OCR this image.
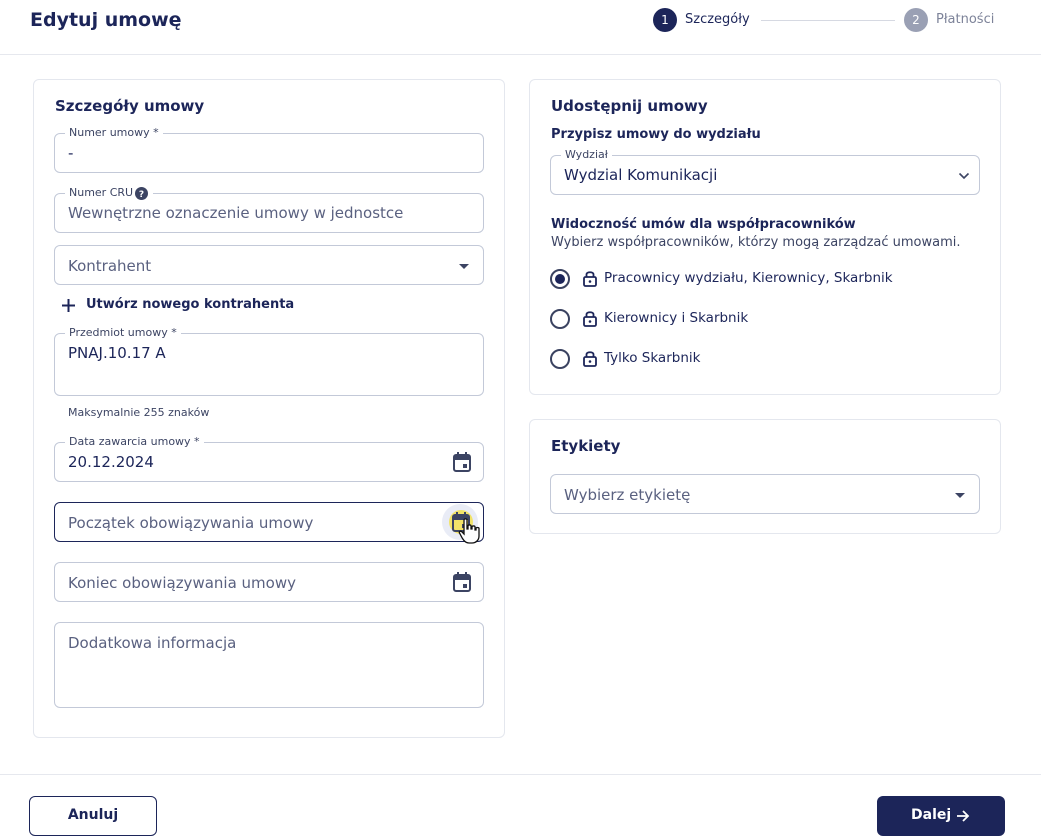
Edytuj umowę	1	Szczegóły	2	Płatności
Szczegóły umowy
Numer umowy *
-
Numer CRU ?
Wewnętrzne oznaczenie umowy w jednostce
Kontrahent
Utwórz nowego kontrahenta
Przedmiot umowy *
PNAJ.10.17 A
Maksymalnie 255 znaków
Data zawarcia umowy *
20.12.2024
Początek obowiązywania umowy
Koniec obowiązywania umowy
Dodatkowa informacja
Udostępnij umowy
Przypisz umowy do wydziału
Wydział
Wydzial Komunikacji
Widoczność umów dla współpracowników
Wybierz współpracowników, którzy mogą zarządzać umowami.
Pracownicy wydziału, Kierownicy, Skarbnik
Kierownicy i Skarbnik
Tylko Skarbnik
Etykiety
Wybierz etykietę
Anuluj	Dalej
